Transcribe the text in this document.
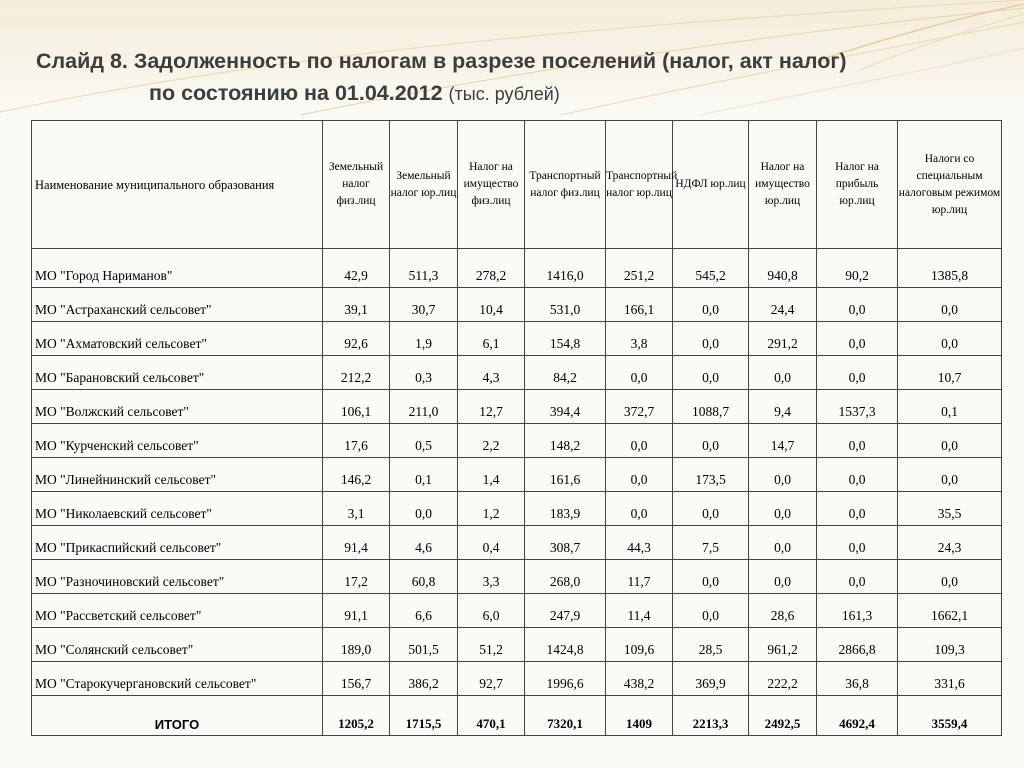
Слайд 8. Задолженность по налогам в разрезе поселений (налог, акт налог)
по состоянию на 01.04.2012 (тыс. рублей)
Наименование муниципального образования	Земельный налог физ.лиц	Земельный налог юр.лиц	Налог на имущество физ.лиц	Транспортный налог физ.лиц	Транспортный налог юр.лиц	НДФЛ юр.лиц	Налог на имущество юр.лиц	Налог на прибыль юр.лиц	Налоги со специальным налоговым режимом юр.лиц
МО "Город Нариманов"	42,9	511,3	278,2	1416,0	251,2	545,2	940,8	90,2	1385,8
МО "Астраханский сельсовет"	39,1	30,7	10,4	531,0	166,1	0,0	24,4	0,0	0,0
МО "Ахматовский сельсовет"	92,6	1,9	6,1	154,8	3,8	0,0	291,2	0,0	0,0
МО "Барановский сельсовет"	212,2	0,3	4,3	84,2	0,0	0,0	0,0	0,0	10,7
МО "Волжский сельсовет"	106,1	211,0	12,7	394,4	372,7	1088,7	9,4	1537,3	0,1
МО "Курченский сельсовет"	17,6	0,5	2,2	148,2	0,0	0,0	14,7	0,0	0,0
МО "Линейнинский сельсовет"	146,2	0,1	1,4	161,6	0,0	173,5	0,0	0,0	0,0
МО "Николаевский сельсовет"	3,1	0,0	1,2	183,9	0,0	0,0	0,0	0,0	35,5
МО "Прикаспийский сельсовет"	91,4	4,6	0,4	308,7	44,3	7,5	0,0	0,0	24,3
МО "Разночиновский сельсовет"	17,2	60,8	3,3	268,0	11,7	0,0	0,0	0,0	0,0
МО "Рассветский сельсовет"	91,1	6,6	6,0	247,9	11,4	0,0	28,6	161,3	1662,1
МО "Солянский сельсовет"	189,0	501,5	51,2	1424,8	109,6	28,5	961,2	2866,8	109,3
МО "Старокучергановский сельсовет"	156,7	386,2	92,7	1996,6	438,2	369,9	222,2	36,8	331,6
ИТОГО	1205,2	1715,5	470,1	7320,1	1409	2213,3	2492,5	4692,4	3559,4
